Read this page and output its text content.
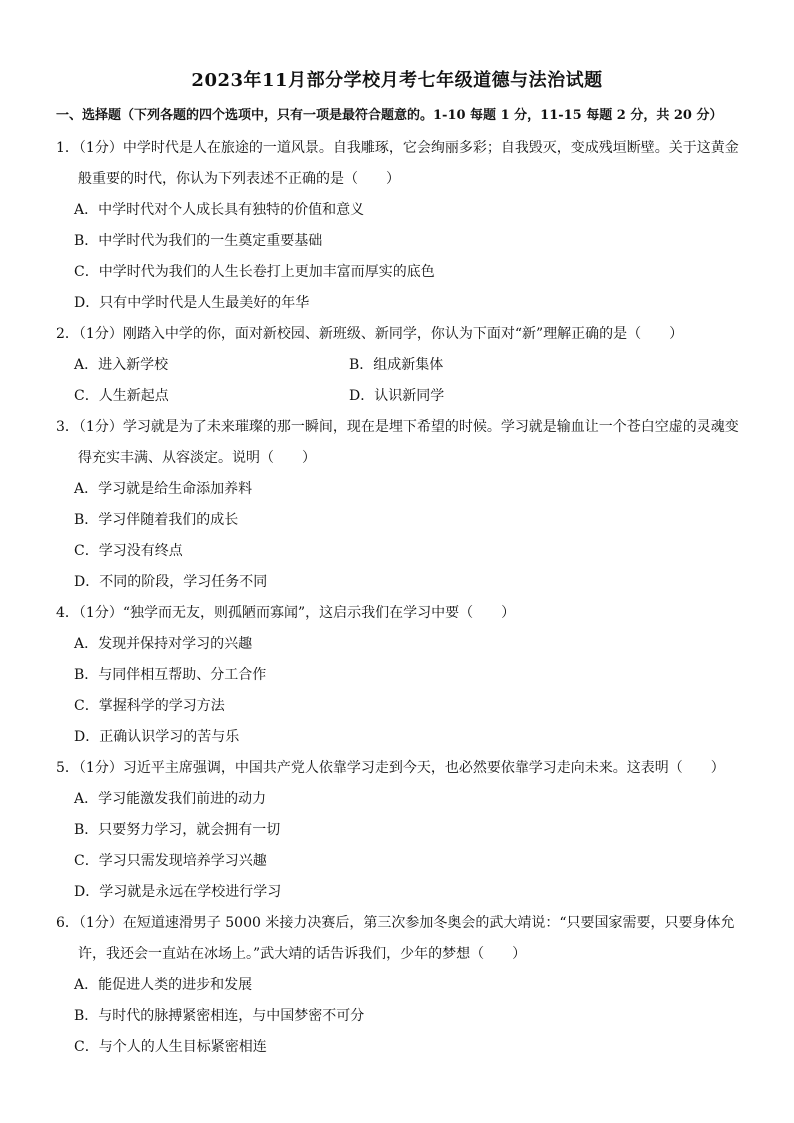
2023年11月部分学校月考七年级道德与法治试题
一、选择题（下列各题的四个选项中，只有一项是最符合题意的。1-10 每题 1 分，11-15 每题 2 分，共 20 分）
1．（1分）中学时代是人在旅途的一道风景。自我雕琢，它会绚丽多彩；自我毁灭，变成残垣断壁。关于这黄金
般重要的时代，你认为下列表述不正确的是（　　）
A．中学时代对个人成长具有独特的价值和意义
B．中学时代为我们的一生奠定重要基础
C．中学时代为我们的人生长卷打上更加丰富而厚实的底色
D．只有中学时代是人生最美好的年华
2．（1分）刚踏入中学的你，面对新校园、新班级、新同学，你认为下面对“新”理解正确的是（　　）
A．进入新学校	B．组成新集体
C．人生新起点	D．认识新同学
3．（1分）学习就是为了未来璀璨的那一瞬间，现在是埋下希望的时候。学习就是输血让一个苍白空虚的灵魂变
得充实丰满、从容淡定。说明（　　）
A．学习就是给生命添加养料
B．学习伴随着我们的成长
C．学习没有终点
D．不同的阶段，学习任务不同
4．（1分）“独学而无友，则孤陋而寡闻”，这启示我们在学习中要（　　）
A．发现并保持对学习的兴趣
B．与同伴相互帮助、分工合作
C．掌握科学的学习方法
D．正确认识学习的苦与乐
5．（1分）习近平主席强调，中国共产党人依靠学习走到今天，也必然要依靠学习走向未来。这表明（　　）
A．学习能激发我们前进的动力
B．只要努力学习，就会拥有一切
C．学习只需发现培养学习兴趣
D．学习就是永远在学校进行学习
6．（1分）在短道速滑男子 5000 米接力决赛后，第三次参加冬奥会的武大靖说：“只要国家需要，只要身体允
许，我还会一直站在冰场上。”武大靖的话告诉我们，少年的梦想（　　）
A．能促进人类的进步和发展
B．与时代的脉搏紧密相连，与中国梦密不可分
C．与个人的人生目标紧密相连
